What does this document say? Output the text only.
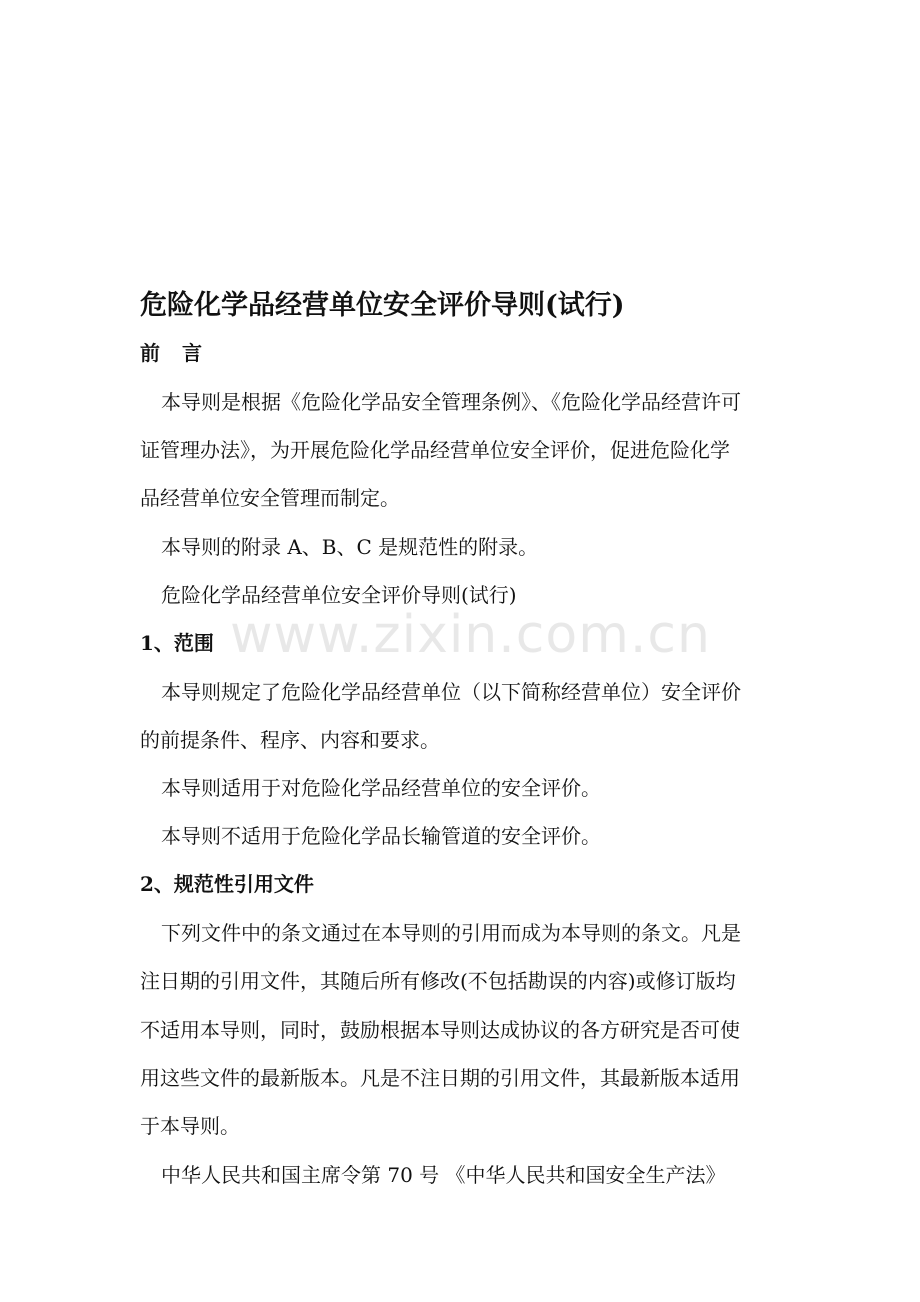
www.zixin.com.cn
危险化学品经营单位安全评价导则(试行)
前言
本导则是根据《危险化学品安全管理条例》、《危险化学品经营许可
证管理办法》，为开展危险化学品经营单位安全评价，促进危险化学
品经营单位安全管理而制定。
本导则的附录 A、B、C 是规范性的附录。
危险化学品经营单位安全评价导则(试行)
1、范围
本导则规定了危险化学品经营单位（以下简称经营单位）安全评价
的前提条件、程序、内容和要求。
本导则适用于对危险化学品经营单位的安全评价。
本导则不适用于危险化学品长输管道的安全评价。
2、规范性引用文件
下列文件中的条文通过在本导则的引用而成为本导则的条文。凡是
注日期的引用文件，其随后所有修改(不包括勘误的内容)或修订版均
不适用本导则，同时，鼓励根据本导则达成协议的各方研究是否可使
用这些文件的最新版本。凡是不注日期的引用文件，其最新版本适用
于本导则。
中华人民共和国主席令第 70 号 《中华人民共和国安全生产法》
